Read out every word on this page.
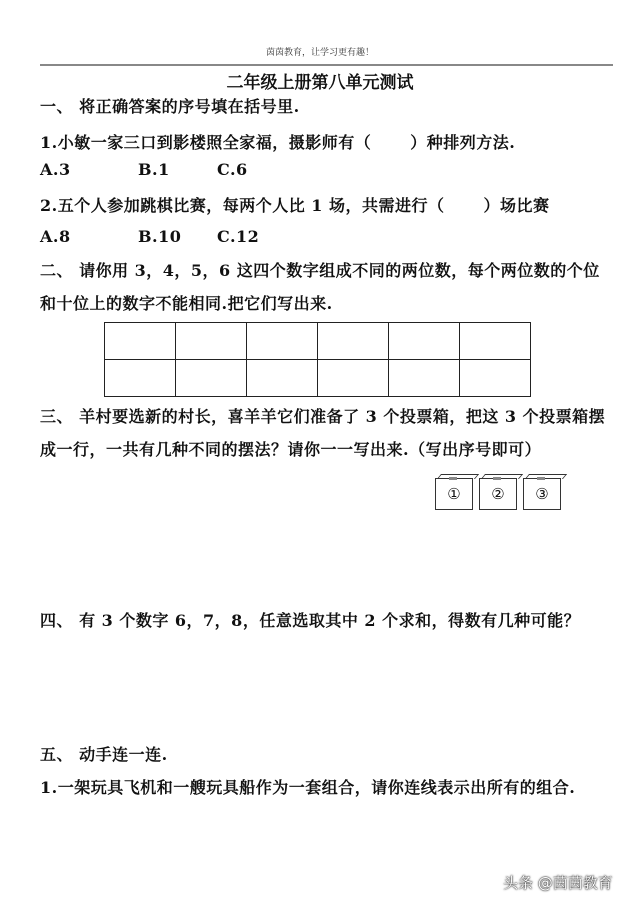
茵茵教育，让学习更有趣！
二年级上册第八单元测试
一、 将正确答案的序号填在括号里.
1.小敏一家三口到影楼照全家福，摄影师有（　　 ）种排列方法.
A.3	B.1	C.6
2.五个人参加跳棋比赛，每两个人比 1 场，共需进行（　　 ）场比赛
A.8	B.10 C.12
二、 请你用 3，4，5，6 这四个数字组成不同的两位数，每个两位数的个位
和十位上的数字不能相同.把它们写出来.

三、 羊村要选新的村长，喜羊羊它们准备了 3 个投票箱，把这 3 个投票箱摆
成一行，一共有几种不同的摆法？请你一一写出来.（写出序号即可）
①	②	③
四、 有 3 个数字 6，7，8，任意选取其中 2 个求和，得数有几种可能？
五、 动手连一连.
1.一架玩具飞机和一艘玩具船作为一套组合，请你连线表示出所有的组合.
头条 @茵茵教育
